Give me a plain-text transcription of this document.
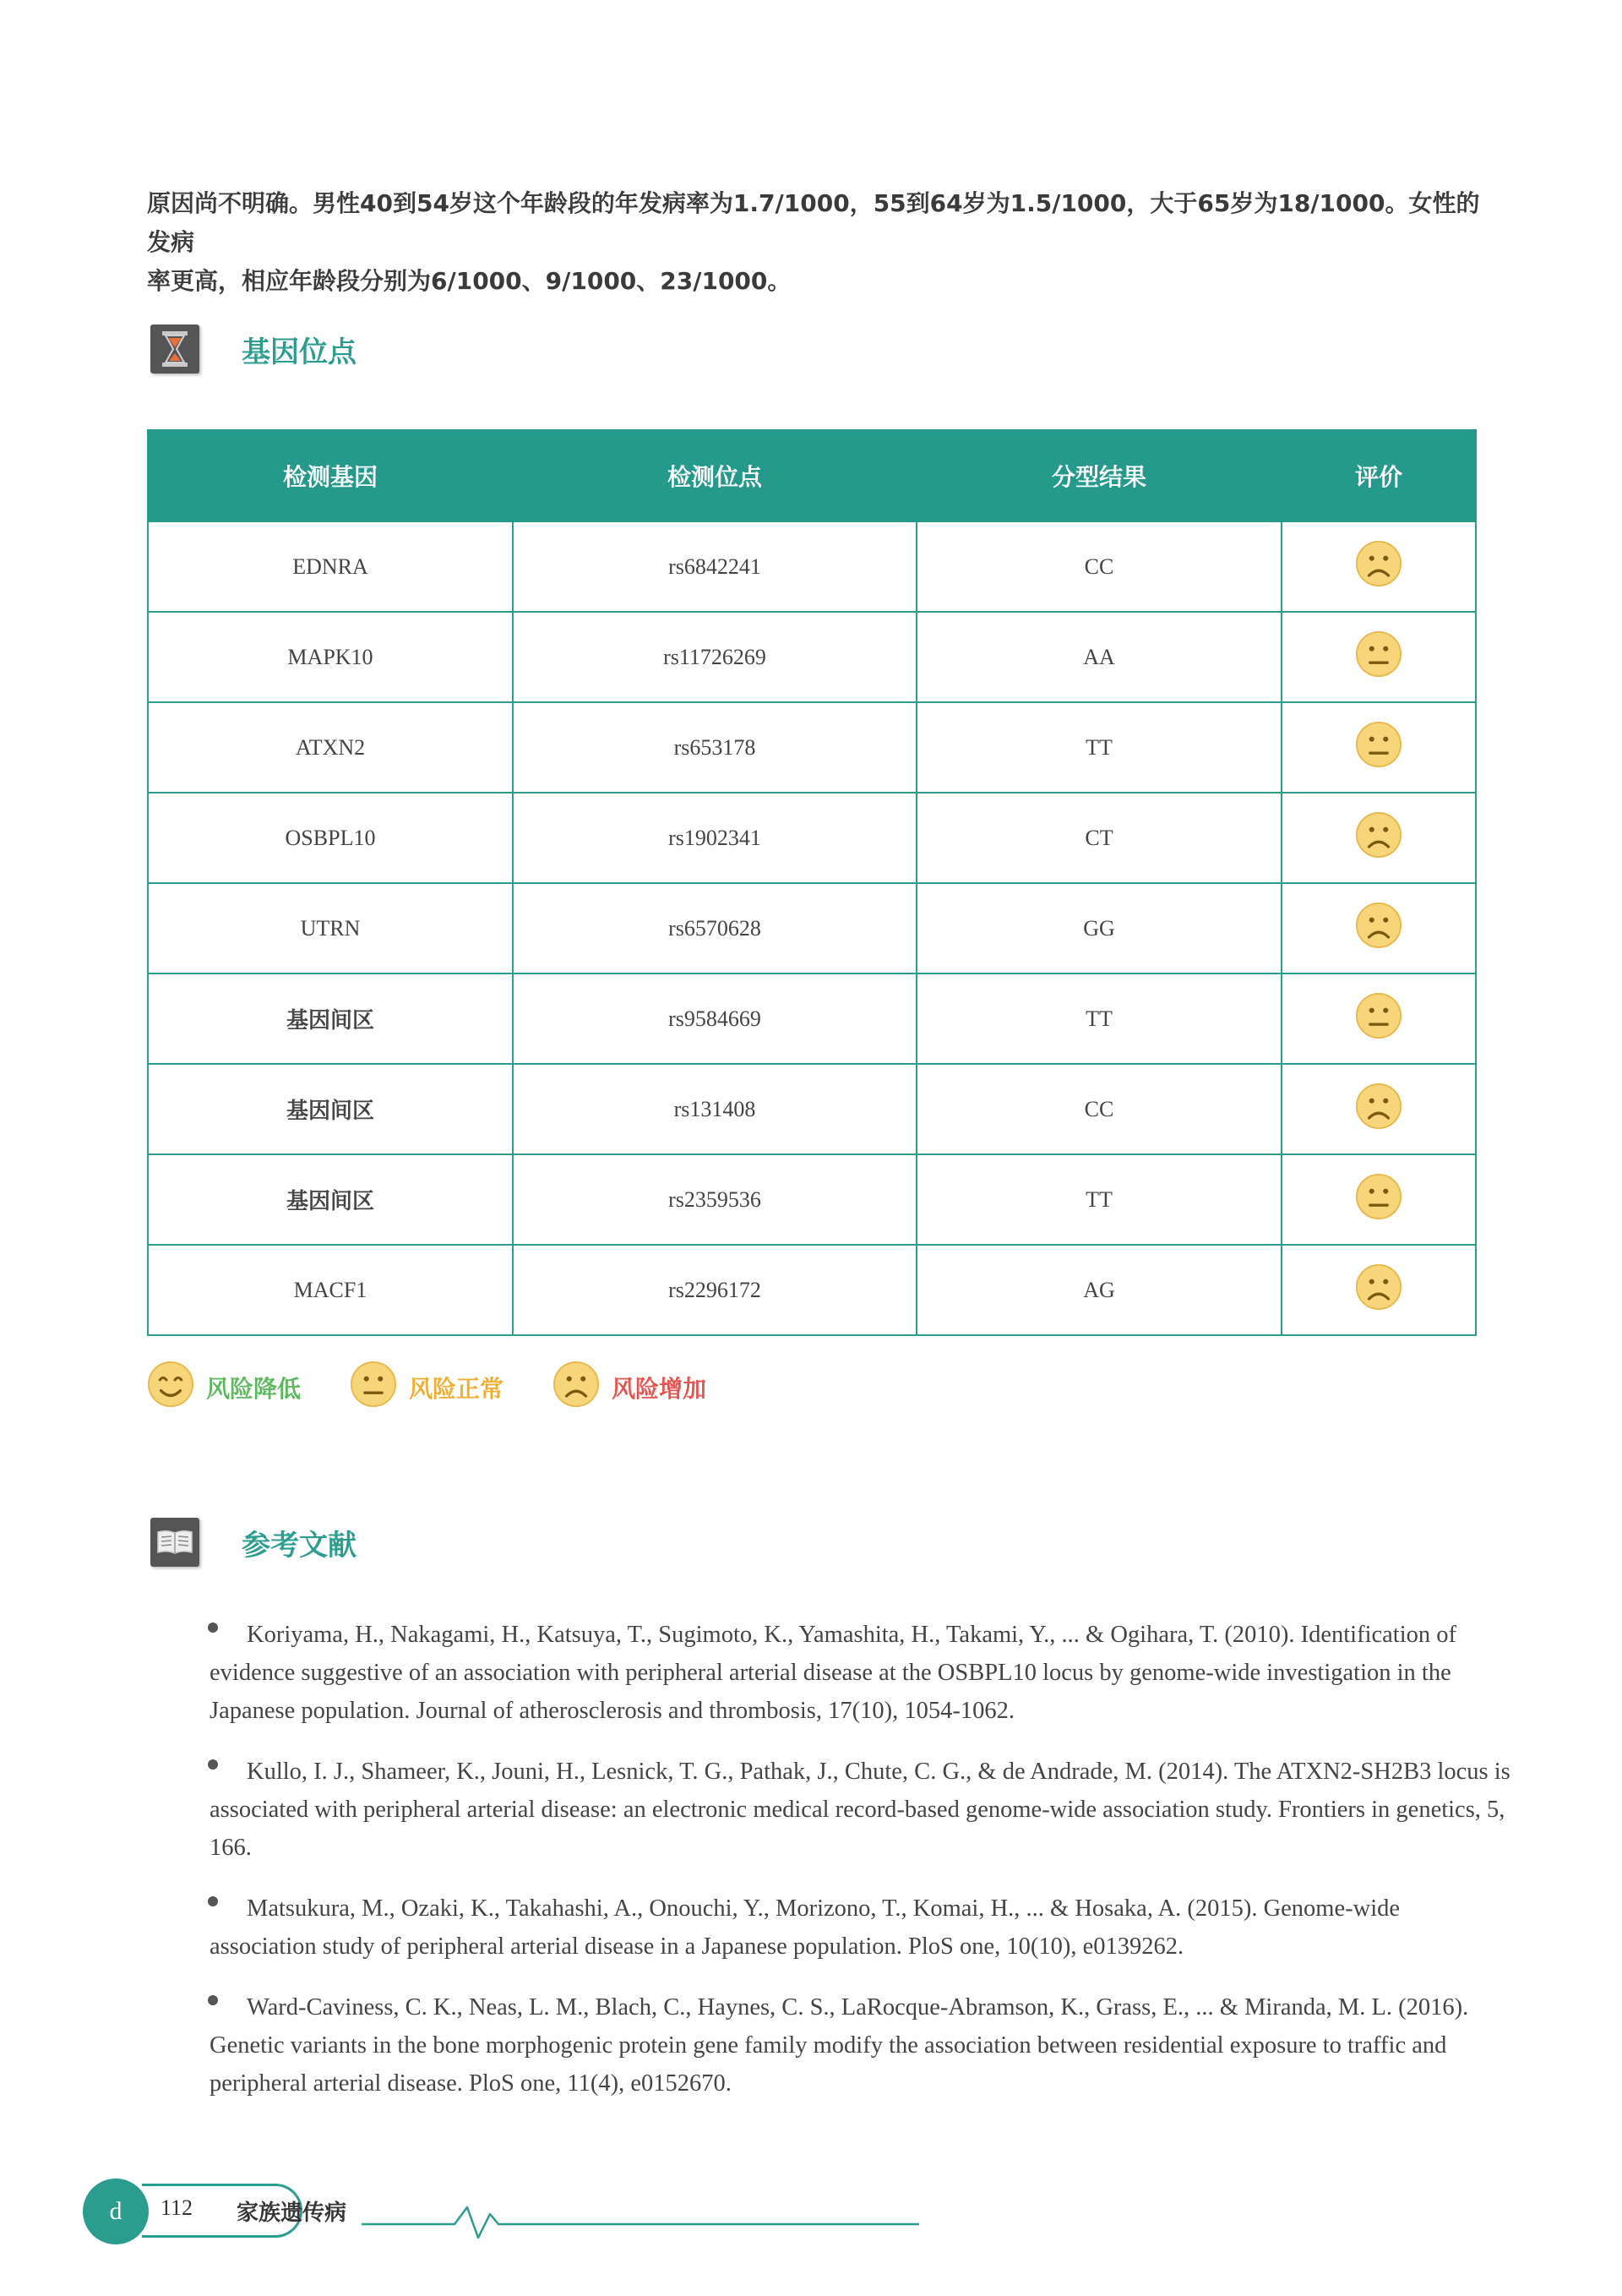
原因尚不明确。男性40到54岁这个年龄段的年发病率为1.7/1000，55到64岁为1.5/1000，大于65岁为18/1000。女性的发病
率更高，相应年龄段分别为6/1000、9/1000、23/1000。

基因位点
检测基因	检测位点	分型结果	评价
EDNRA	rs6842241	CC	
MAPK10	rs11726269	AA	
ATXN2	rs653178	TT	
OSBPL10	rs1902341	CT	
UTRN	rs6570628	GG	
基因间区	rs9584669	TT	
基因间区	rs131408	CC	
基因间区	rs2359536	TT	
MACF1	rs2296172	AG	
风险降低	风险正常	风险增加
参考文献
Koriyama, H., Nakagami, H., Katsuya, T., Sugimoto, K., Yamashita, H., Takami, Y., ... & Ogihara, T. (2010). Identification of evidence suggestive of an association with peripheral arterial disease at the OSBPL10 locus by genome-wide investigation in the Japanese population. Journal of atherosclerosis and thrombosis, 17(10), 1054-1062.
Kullo, I. J., Shameer, K., Jouni, H., Lesnick, T. G., Pathak, J., Chute, C. G., & de Andrade, M. (2014). The ATXN2-SH2B3 locus is associated with peripheral arterial disease: an electronic medical record-based genome-wide association study. Frontiers in genetics, 5, 166.
Matsukura, M., Ozaki, K., Takahashi, A., Onouchi, Y., Morizono, T., Komai, H., ... & Hosaka, A. (2015). Genome-wide association study of peripheral arterial disease in a Japanese population. PloS one, 10(10), e0139262.
Ward-Caviness, C. K., Neas, L. M., Blach, C., Haynes, C. S., LaRocque-Abramson, K., Grass, E., ... & Miranda, M. L. (2016). Genetic variants in the bone morphogenic protein gene family modify the association between residential exposure to traffic and peripheral arterial disease. PloS one, 11(4), e0152670.
d	112 家族遗传病
